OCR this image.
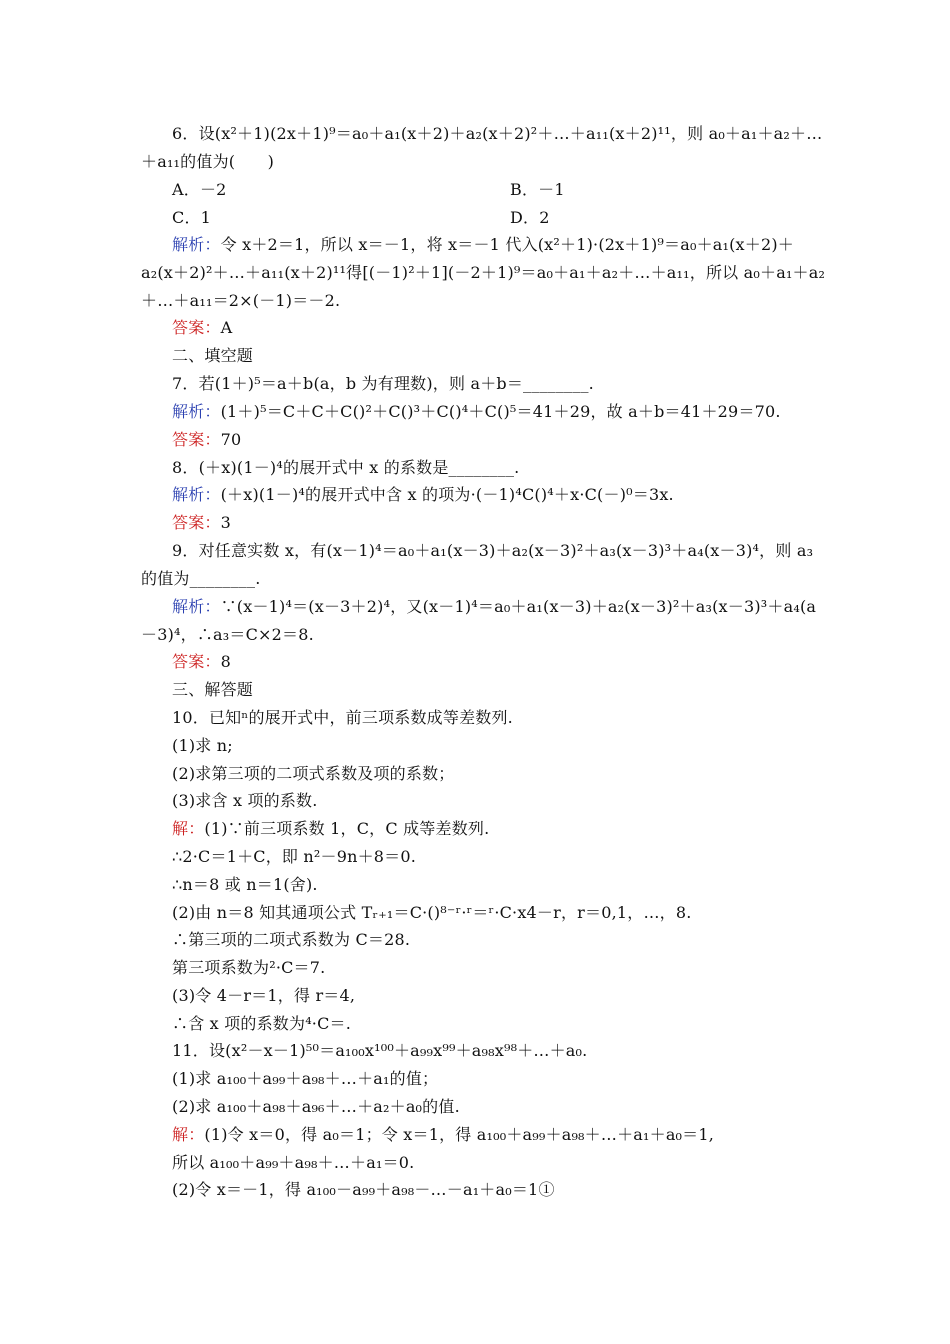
6．设(x²＋1)(2x＋1)⁹＝a₀＋a₁(x＋2)＋a₂(x＋2)²＋…＋a₁₁(x＋2)¹¹，则 a₀＋a₁＋a₂＋…
＋a₁₁的值为(　　)
A．－2	B．－1
C．1	D．2
解析：令 x＋2＝1，所以 x＝－1，将 x＝－1 代入(x²＋1)·(2x＋1)⁹＝a₀＋a₁(x＋2)＋
a₂(x＋2)²＋…＋a₁₁(x＋2)¹¹得[(－1)²＋1](－2＋1)⁹＝a₀＋a₁＋a₂＋…＋a₁₁，所以 a₀＋a₁＋a₂
＋…＋a₁₁＝2×(－1)＝－2.
答案：A
二、填空题
7．若(1＋)⁵＝a＋b(a，b 为有理数)，则 a＋b＝________.
解析：(1＋)⁵＝C＋C＋C()²＋C()³＋C()⁴＋C()⁵＝41＋29，故 a＋b＝41＋29＝70.
答案：70
8．(＋x)(1－)⁴的展开式中 x 的系数是________.
解析：(＋x)(1－)⁴的展开式中含 x 的项为·(－1)⁴C()⁴＋x·C(－)⁰＝3x.
答案：3
9．对任意实数 x，有(x－1)⁴＝a₀＋a₁(x－3)＋a₂(x－3)²＋a₃(x－3)³＋a₄(x－3)⁴，则 a₃
的值为________.
解析：∵(x－1)⁴＝(x－3＋2)⁴，又(x－1)⁴＝a₀＋a₁(x－3)＋a₂(x－3)²＋a₃(x－3)³＋a₄(a
－3)⁴，∴a₃＝C×2＝8.
答案：8
三、解答题
10．已知ⁿ的展开式中，前三项系数成等差数列.
(1)求 n;
(2)求第三项的二项式系数及项的系数；
(3)求含 x 项的系数.
解：(1)∵前三项系数 1，C，C 成等差数列.
∴2·C＝1＋C，即 n²－9n＋8＝0.
∴n＝8 或 n＝1(舍).
(2)由 n＝8 知其通项公式 Tᵣ₊₁＝C·()⁸⁻ʳ·ʳ＝ʳ·C·x4－r，r＝0,1，…，8.
∴第三项的二项式系数为 C＝28.
第三项系数为²·C＝7.
(3)令 4－r＝1，得 r＝4,
∴含 x 项的系数为⁴·C＝.
11．设(x²－x－1)⁵⁰＝a₁₀₀x¹⁰⁰＋a₉₉x⁹⁹＋a₉₈x⁹⁸＋…＋a₀.
(1)求 a₁₀₀＋a₉₉＋a₉₈＋…＋a₁的值；
(2)求 a₁₀₀＋a₉₈＋a₉₆＋…＋a₂＋a₀的值.
解：(1)令 x＝0，得 a₀＝1；令 x＝1，得 a₁₀₀＋a₉₉＋a₉₈＋…＋a₁＋a₀＝1,
所以 a₁₀₀＋a₉₉＋a₉₈＋…＋a₁＝0.
(2)令 x＝－1，得 a₁₀₀－a₉₉＋a₉₈－…－a₁＋a₀＝1①
